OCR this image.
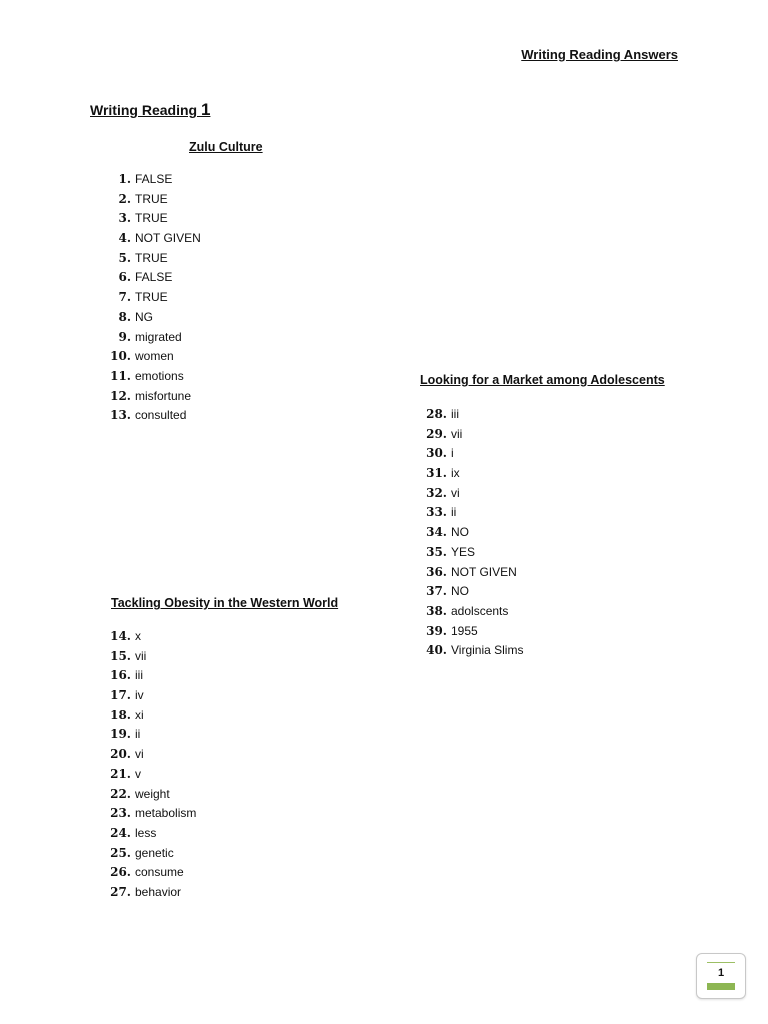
Writing Reading Answers
Writing Reading 1
Zulu Culture
1. FALSE
2. TRUE
3. TRUE
4. NOT GIVEN
5. TRUE
6. FALSE
7. TRUE
8. NG
9. migrated
10. women
11. emotions
12. misfortune
13. consulted
Tackling Obesity in the Western World
14. x
15. vii
16. iii
17. iv
18. xi
19. ii
20. vi
21. v
22. weight
23. metabolism
24. less
25. genetic
26. consume
27. behavior
Looking for a Market among Adolescents
28. iii
29. vii
30. i
31. ix
32. vi
33. ii
34. NO
35. YES
36. NOT GIVEN
37. NO
38. adolscents
39. 1955
40. Virginia Slims
1
